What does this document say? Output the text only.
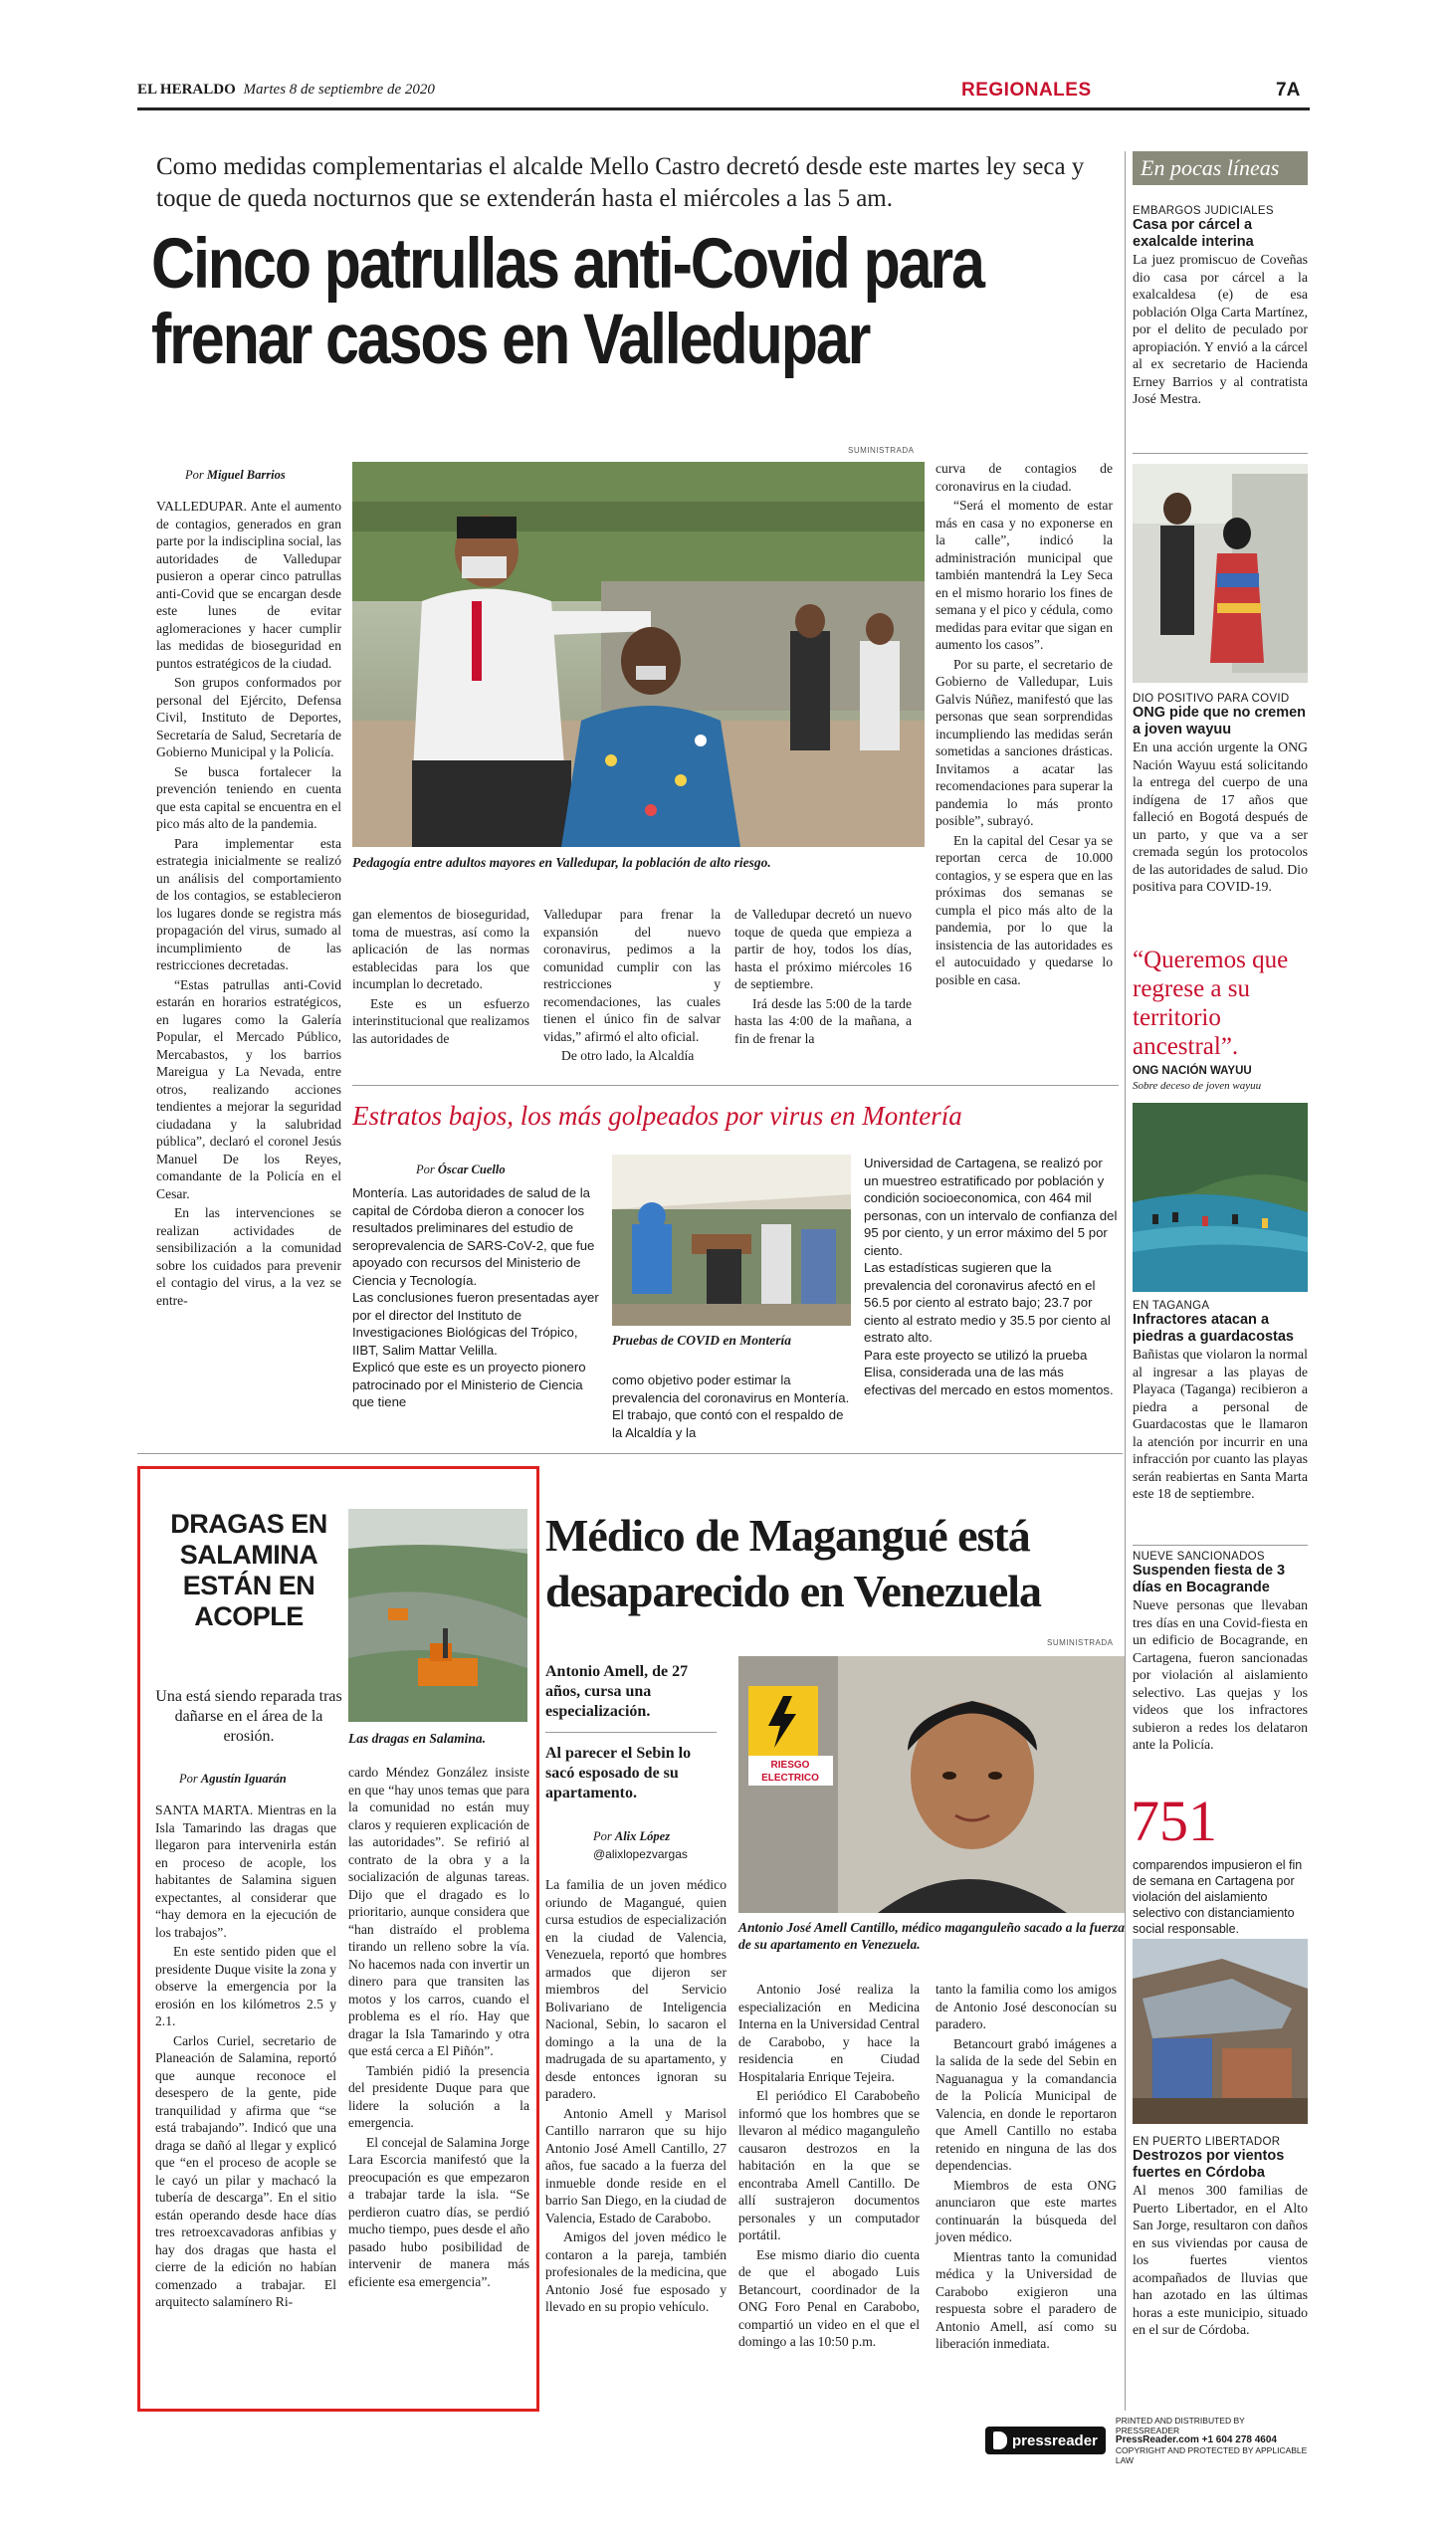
EL HERALDO Martes 8 de septiembre de 2020	REGIONALES	7A
Como medidas complementarias el alcalde Mello Castro decretó desde este martes ley seca y toque de queda nocturnos que se extenderán hasta el miércoles a las 5 am.
Cinco patrullas anti-Covid para
frenar casos en Valledupar
SUMINISTRADA
Por Miguel Barrios
Pedagogía entre adultos mayores en Valledupar, la población de alto riesgo.

VALLEDUPAR. Ante el aumento de contagios, generados en gran parte por la indisciplina social, las autoridades de Valledupar pusieron a operar cinco patrullas anti-Covid que se encargan desde este lunes de evitar aglomeraciones y hacer cumplir las medidas de bioseguridad en puntos estratégicos de la ciudad.

Son grupos conformados por personal del Ejército, Defensa Civil, Instituto de Deportes, Secretaría de Salud, Secretaría de Gobierno Municipal y la Policía.

Se busca fortalecer la prevención teniendo en cuenta que esta capital se encuentra en el pico más alto de la pandemia.

Para implementar esta estrategia inicialmente se realizó un análisis del comportamiento de los contagios, se establecieron los lugares donde se registra más propagación del virus, sumado al incumplimiento de las restricciones decretadas.

“Estas patrullas anti-Covid estarán en horarios estratégicos, en lugares como la Galería Popular, el Mercado Público, Mercabastos, y los barrios Mareigua y La Nevada, entre otros, realizando acciones tendientes a mejorar la seguridad ciudadana y la salubridad pública”, declaró el coronel Jesús Manuel De los Reyes, comandante de la Policía en el Cesar.

En las intervenciones se realizan actividades de sensibilización a la comunidad sobre los cuidados para prevenir el contagio del virus, a la vez se entre-

gan elementos de bioseguridad, toma de muestras, así como la aplicación de las normas establecidas para los que incumplan lo decretado.

Este es un esfuerzo interinstitucional que realizamos las autoridades de

Valledupar para frenar la expansión del nuevo coronavirus, pedimos a la comunidad cumplir con las restricciones y recomendaciones, las cuales tienen el único fin de salvar vidas,” afirmó el alto oficial.

De otro lado, la Alcaldía

de Valledupar decretó un nuevo toque de queda que empieza a partir de hoy, todos los días, hasta el próximo miércoles 16 de septiembre.

Irá desde las 5:00 de la tarde hasta las 4:00 de la mañana, a fin de frenar la

curva de contagios de coronavirus en la ciudad.

“Será el momento de estar más en casa y no exponerse en la calle”, indicó la administración municipal que también mantendrá la Ley Seca en el mismo horario los fines de semana y el pico y cédula, como medidas para evitar que sigan en aumento los casos”.

Por su parte, el secretario de Gobierno de Valledupar, Luis Galvis Núñez, manifestó que las personas que sean sorprendidas incumpliendo las medidas serán sometidas a sanciones drásticas. Invitamos a acatar las recomendaciones para superar la pandemia lo más pronto posible”, subrayó.

En la capital del Cesar ya se reportan cerca de 10.000 contagios, y se espera que en las próximas dos semanas se cumpla el pico más alto de la pandemia, por lo que la insistencia de las autoridades es el autocuidado y quedarse lo posible en casa.

Estratos bajos, los más golpeados por virus en Montería
Por Óscar Cuello

Montería. Las autoridades de salud de la capital de Córdoba dieron a conocer los resultados preliminares del estudio de seroprevalencia de SARS-CoV-2, que fue apoyado con recursos del Ministerio de Ciencia y Tecnología.

Las conclusiones fueron presentadas ayer por el director del Instituto de Investigaciones Biológicas del Trópico, IIBT, Salim Mattar Velilla.

Explicó que este es un proyecto pionero patrocinado por el Ministerio de Ciencia que tiene

Pruebas de COVID en Montería

como objetivo poder estimar la prevalencia del coronavirus en Montería.

El trabajo, que contó con el respaldo de la Alcaldía y la

Universidad de Cartagena, se realizó por un muestreo estratificado por población y condición socioeconomica, con 464 mil personas, con un intervalo de confianza del 95 por ciento, y un error máximo del 5 por ciento.

Las estadísticas sugieren que la prevalencia del coronavirus afectó en el 56.5 por ciento al estrato bajo; 23.7 por ciento al estrato medio y 35.5 por ciento al estrato alto.

Para este proyecto se utilizó la prueba Elisa, considerada una de las más efectivas del mercado en estos momentos.

DRAGAS EN SALAMINA ESTÁN EN ACOPLE
Las dragas en Salamina.
Una está siendo reparada tras dañarse en el área de la erosión.
Por Agustín Iguarán

SANTA MARTA. Mientras en la Isla Tamarindo las dragas que llegaron para intervenirla están en proceso de acople, los habitantes de Salamina siguen expectantes, al considerar que “hay demora en la ejecución de los trabajos”.

En este sentido piden que el presidente Duque visite la zona y observe la emergencia por la erosión en los kilómetros 2.5 y 2.1.

Carlos Curiel, secretario de Planeación de Salamina, reportó que aunque reconoce el desespero de la gente, pide tranquilidad y afirma que “se está trabajando”. Indicó que una draga se dañó al llegar y explicó que “en el proceso de acople se le cayó un pilar y machacó la tubería de descarga”. En el sitio están operando desde hace días tres retroexcavadoras anfibias y hay dos dragas que hasta el cierre de la edición no habían comenzado a trabajar. El arquitecto salamínero Ri-

cardo Méndez González insiste en que “hay unos temas que para la comunidad no están muy claros y requieren explicación de las autoridades”. Se refirió al contrato de la obra y a la socialización de algunas tareas. Dijo que el dragado es lo prioritario, aunque considera que “han distraído el problema tirando un relleno sobre la vía. No hacemos nada con invertir un dinero para que transiten las motos y los carros, cuando el problema es el río. Hay que dragar la Isla Tamarindo y otra que está cerca a El Piñón”.

También pidió la presencia del presidente Duque para que lidere la solución a la emergencia.

El concejal de Salamina Jorge Lara Escorcia manifestó que la preocupación es que empezaron a trabajar tarde la isla. “Se perdieron cuatro días, se perdió mucho tiempo, pues desde el año pasado hubo posibilidad de intervenir de manera más eficiente esa emergencia”.

Médico de Magangué está
desaparecido en Venezuela
SUMINISTRADA
Antonio Amell, de 27 años, cursa una especialización.
Al parecer el Sebin lo sacó esposado de su apartamento.
Por Alix López
@alixlopezvargas
RIESGO
ELECTRICO
Antonio José Amell Cantillo, médico maganguleño sacado a la fuerza de su apartamento en Venezuela.

La familia de un joven médico oriundo de Magangué, quien cursa estudios de especialización en la ciudad de Valencia, Venezuela, reportó que hombres armados que dijeron ser miembros del Servicio Bolivariano de Inteligencia Nacional, Sebin, lo sacaron el domingo a la una de la madrugada de su apartamento, y desde entonces ignoran su paradero.

Antonio Amell y Marisol Cantillo narraron que su hijo Antonio José Amell Cantillo, 27 años, fue sacado a la fuerza del inmueble donde reside en el barrio San Diego, en la ciudad de Valencia, Estado de Carabobo.

Amigos del joven médico le contaron a la pareja, también profesionales de la medicina, que Antonio José fue esposado y llevado en su propio vehículo.

Antonio José realiza la especialización en Medicina Interna en la Universidad Central de Carabobo, y hace la residencia en Ciudad Hospitalaria Enrique Tejeira.

El periódico El Carabobeño informó que los hombres que se llevaron al médico maganguleño causaron destrozos en la habitación en la que se encontraba Amell Cantillo. De allí sustrajeron documentos personales y un computador portátil.

Ese mismo diario dio cuenta de que el abogado Luis Betancourt, coordinador de la ONG Foro Penal en Carabobo, compartió un video en el que el domingo a las 10:50 p.m.

tanto la familia como los amigos de Antonio José desconocían su paradero.

Betancourt grabó imágenes a la salida de la sede del Sebin en Naguanagua y la comandancia de la Policía Municipal de Valencia, en donde le reportaron que Amell Cantillo no estaba retenido en ninguna de las dos dependencias.

Miembros de esta ONG anunciaron que este martes continuarán la búsqueda del joven médico.

Mientras tanto la comunidad médica y la Universidad de Carabobo exigieron una respuesta sobre el paradero de Antonio Amell, así como su liberación inmediata.

En pocas líneas
EMBARGOS JUDICIALES
Casa por cárcel a exalcalde interina
La juez promiscuo de Coveñas dio casa por cárcel a la exalcaldesa (e) de esa población Olga Carta Martínez, por el delito de peculado por apropiación. Y envió a la cárcel al ex secretario de Hacienda Erney Barrios y al contratista José Mestra.
DIO POSITIVO PARA COVID
ONG pide que no cremen a joven wayuu
En una acción urgente la ONG Nación Wayuu está solicitando la entrega del cuerpo de una indígena de 17 años que falleció en Bogotá después de un parto, y que va a ser cremada según los protocolos de las autoridades de salud. Dio positiva para COVID-19.
“Queremos que regrese a su territorio ancestral”.
ONG NACIÓN WAYUU
Sobre deceso de joven wayuu
EN TAGANGA
Infractores atacan a piedras a guardacostas
Bañistas que violaron la normal al ingresar a las playas de Playaca (Taganga) recibieron a piedra a personal de Guardacostas que le llamaron la atención por incurrir en una infracción por cuanto las playas serán reabiertas en Santa Marta este 18 de septiembre.
NUEVE SANCIONADOS
Suspenden fiesta de 3 días en Bocagrande
Nueve personas que llevaban tres días en una Covid-fiesta en un edificio de Bocagrande, en Cartagena, fueron sancionadas por violación al aislamiento selectivo. Las quejas y los videos que los infractores subieron a redes los delataron ante la Policía.
751
comparendos impusieron el fin de semana en Cartagena por violación del aislamiento selectivo con distanciamiento social responsable.
EN PUERTO LIBERTADOR
Destrozos por vientos fuertes en Córdoba
Al menos 300 familias de Puerto Libertador, en el Alto San Jorge, resultaron con daños en sus viviendas por causa de los fuertes vientos acompañados de lluvias que han azotado en las últimas horas a este municipio, situado en el sur de Córdoba.
pressreader
PRINTED AND DISTRIBUTED BY PRESSREADER
PressReader.com +1 604 278 4604
COPYRIGHT AND PROTECTED BY APPLICABLE LAW
